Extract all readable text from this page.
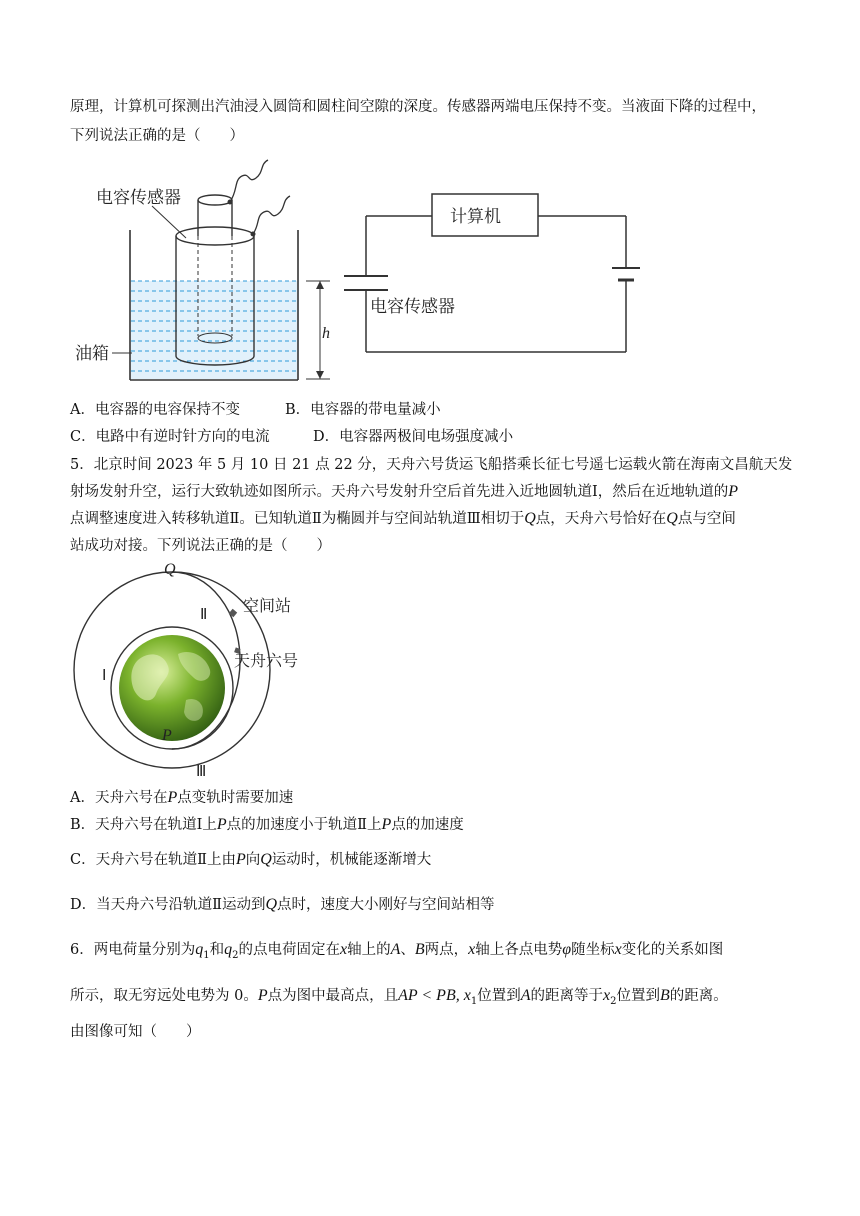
原理，计算机可探测出汽油浸入圆筒和圆柱间空隙的深度。传感器两端电压保持不变。当液面下降的过程中，
下列说法正确的是（　　）
电容传感器
油箱
h
计算机
电容传感器
A．电容器的电容保持不变	B．电容器的带电量减小
C．电路中有逆时针方向的电流	D．电容器两极间电场强度减小
5．北京时间 2023 年 5 月 10 日 21 点 22 分，天舟六号货运飞船搭乘长征七号遥七运载火箭在海南文昌航天发
射场发射升空，运行大致轨迹如图所示。天舟六号发射升空后首先进入近地圆轨道Ⅰ，然后在近地轨道的P
点调整速度进入转移轨道Ⅱ。已知轨道Ⅱ为椭圆并与空间站轨道Ⅲ相切于Q点，天舟六号恰好在Q点与空间
站成功对接。下列说法正确的是（　　）
Q
Ⅱ 空间站
天舟六号
Ⅰ
P
Ⅲ
A．天舟六号在P点变轨时需要加速
B．天舟六号在轨道Ⅰ上P点的加速度小于轨道Ⅱ上P点的加速度
C．天舟六号在轨道Ⅱ上由P向Q运动时，机械能逐渐增大
D．当天舟六号沿轨道Ⅱ运动到Q点时，速度大小刚好与空间站相等
6．两电荷量分别为$q_1$和$q_2$的点电荷固定在x轴上的A、B两点，x轴上各点电势φ随坐标x变化的关系如图
所示，取无穷远处电势为 0。P点为图中最高点，且AP < PB, $x_1$位置到A的距离等于$x_2$位置到B的距离。
由图像可知（　　）
